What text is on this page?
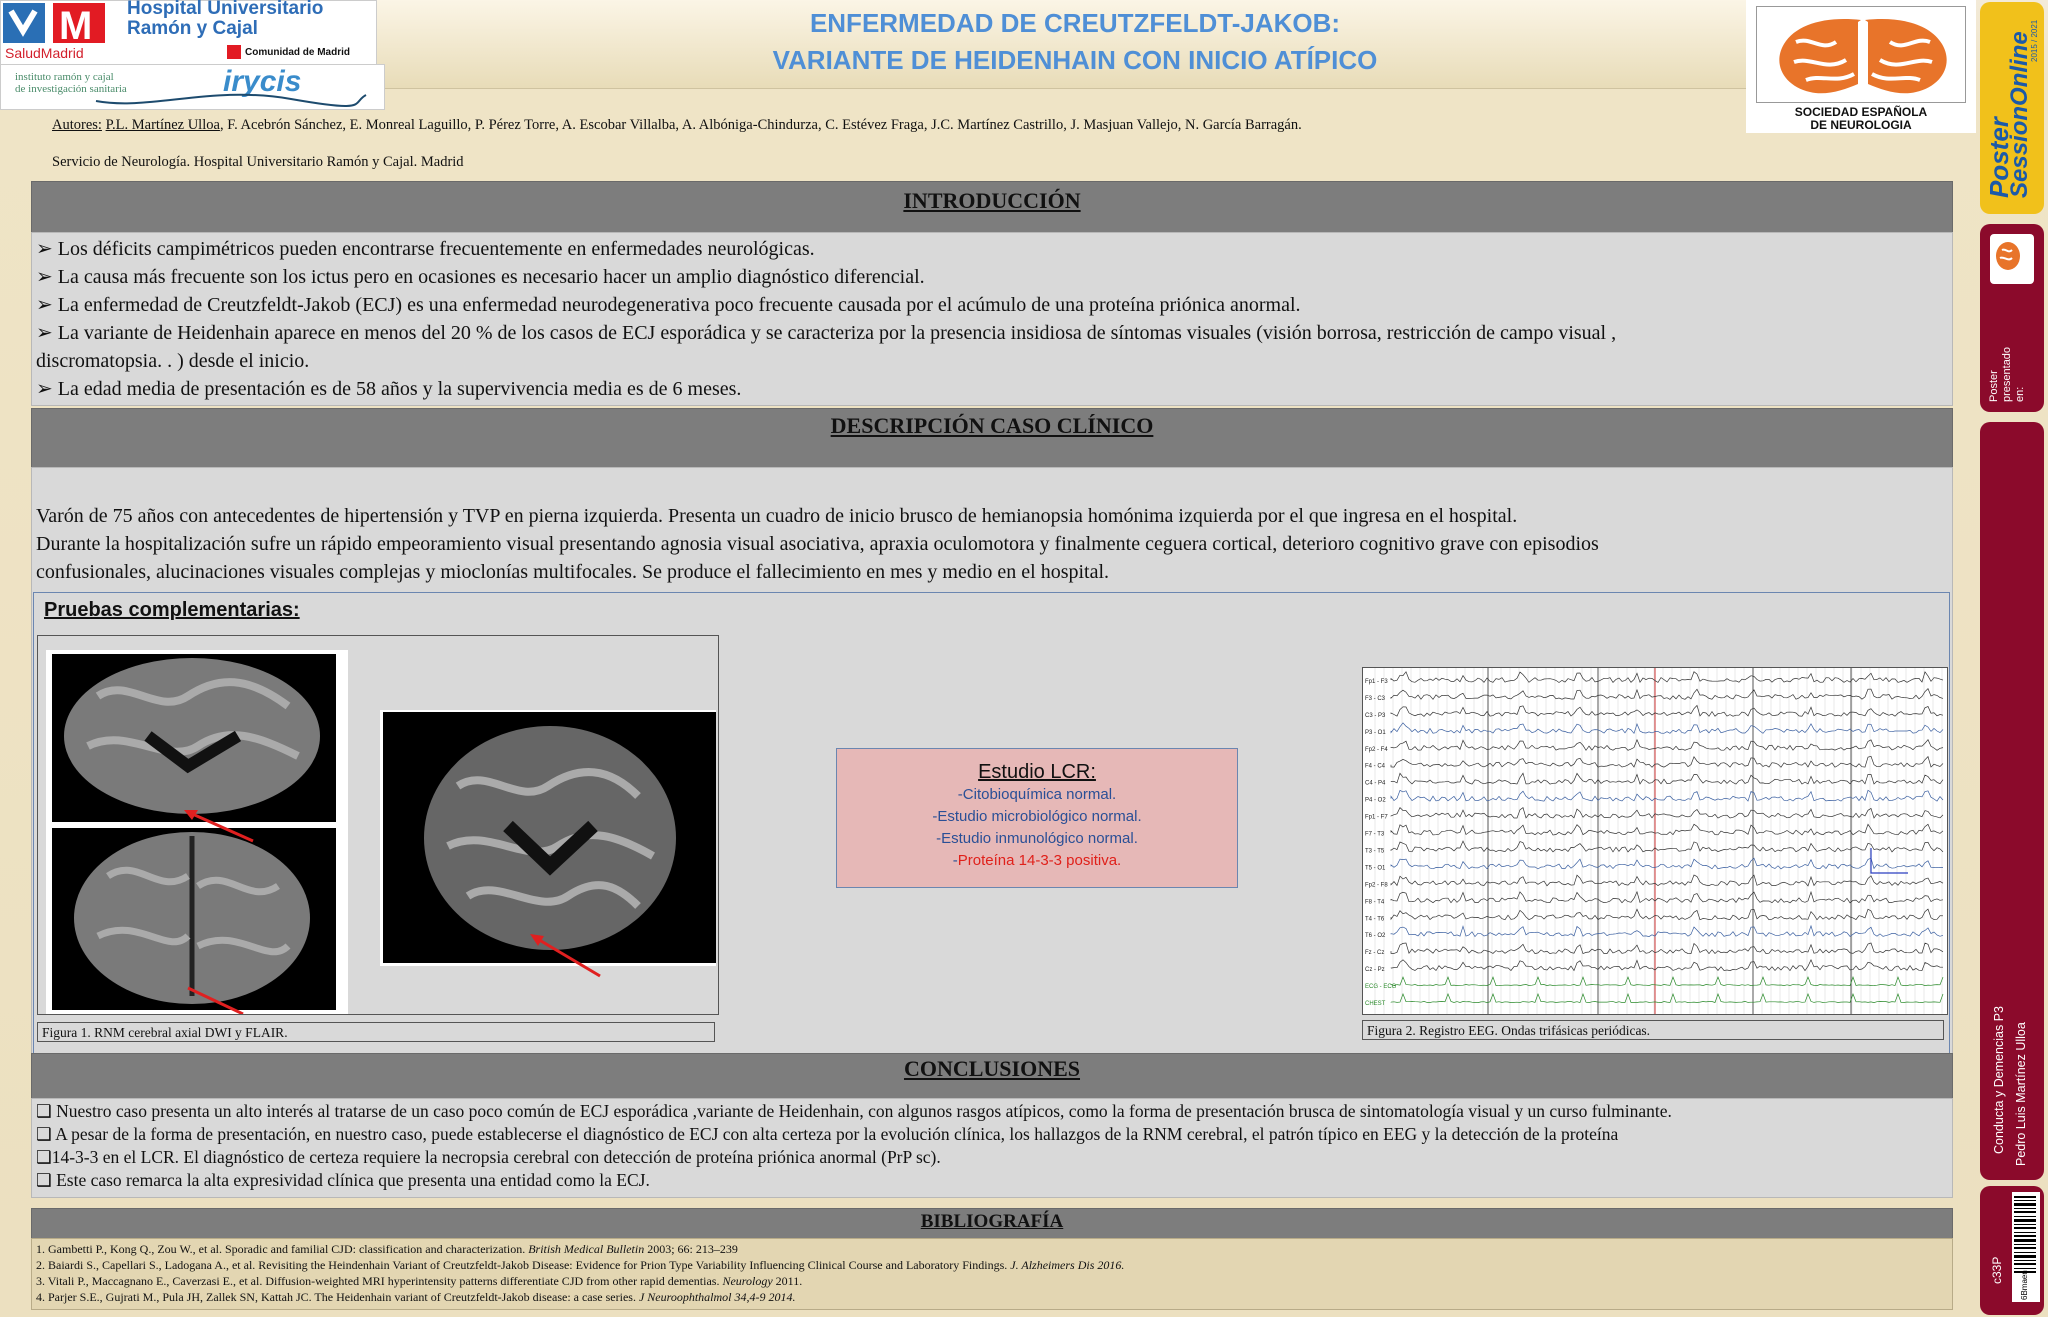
M
SaludMadrid
Hospital Universitario
Ramón y Cajal
Comunidad de Madrid
instituto ramón y cajal
de investigación sanitaria	irycis
ENFERMEDAD DE CREUTZFELDT-JAKOB:
VARIANTE DE HEIDENHAIN CON INICIO ATÍPICO
SOCIEDAD ESPAÑOLA
DE NEUROLOGIA
Autores: P.L. Martínez Ulloa, F. Acebrón Sánchez, E. Monreal Laguillo, P. Pérez Torre, A. Escobar Villalba, A. Albóniga-Chindurza, C. Estévez Fraga, J.C. Martínez Castrillo, J. Masjuan Vallejo, N. García Barragán.
Servicio de Neurología. Hospital Universitario Ramón y Cajal. Madrid
INTRODUCCIÓN
➢ Los déficits campimétricos pueden encontrarse frecuentemente en enfermedades neurológicas.
➢ La causa más frecuente son los ictus pero en ocasiones es necesario hacer un amplio diagnóstico diferencial.
➢ La enfermedad de Creutzfeldt-Jakob (ECJ) es una enfermedad neurodegenerativa poco frecuente causada por el acúmulo de una proteína priónica anormal.
➢ La variante de Heidenhain aparece en menos del 20 % de los casos de ECJ esporádica y se caracteriza por la presencia insidiosa de síntomas visuales (visión borrosa, restricción de campo visual ,
discromatopsia. . ) desde el inicio.
➢ La edad media de presentación es de 58 años y la supervivencia media es de 6 meses.
DESCRIPCIÓN CASO CLÍNICO
Varón de 75 años con antecedentes de hipertensión y TVP en pierna izquierda. Presenta un cuadro de inicio brusco de hemianopsia homónima izquierda por el que ingresa en el hospital.
Durante la hospitalización sufre un rápido empeoramiento visual presentando agnosia visual asociativa, apraxia oculomotora y finalmente ceguera cortical, deterioro cognitivo grave con episodios
confusionales, alucinaciones visuales complejas y mioclonías multifocales. Se produce el fallecimiento en mes y medio en el hospital.
Pruebas complementarias:
Figura 1. RNM cerebral axial DWI y FLAIR.
Estudio LCR:
-Citobioquímica normal.
-Estudio microbiológico normal.
-Estudio inmunológico normal.
-Proteína 14-3-3 positiva.
Fp1 - F3
F3 - C3
C3 - P3
P3 - O1
Fp2 - F4
F4 - C4
C4 - P4
P4 - O2
Fp1 - F7
F7 - T3
T3 - T5
T5 - O1
Fp2 - F8
F8 - T4
T4 - T6
T6 - O2
Fz - Cz
Cz - Pz
ECG - ECG
CHEST
Figura 2. Registro EEG. Ondas trifásicas periódicas.
CONCLUSIONES
❑ Nuestro caso presenta un alto interés al tratarse de un caso poco común de ECJ esporádica ,variante de Heidenhain, con algunos rasgos atípicos, como la forma de presentación brusca de sintomatología visual y un curso fulminante.
❑ A pesar de la forma de presentación, en nuestro caso, puede establecerse el diagnóstico de ECJ con alta certeza por la evolución clínica, los hallazgos de la RNM cerebral, el patrón típico en EEG y la detección de la proteína
❑14-3-3 en el LCR. El diagnóstico de certeza requiere la necropsia cerebral con detección de proteína priónica anormal (PrP sc).
❑ Este caso remarca la alta expresividad clínica que presenta una entidad como la ECJ.
BIBLIOGRAFÍA
1. Gambetti P., Kong Q., Zou W., et al. Sporadic and familial CJD: classification and characterization. British Medical Bulletin 2003; 66: 213–239
2. Baiardi S., Capellari S., Ladogana A., et al. Revisiting the Heindenhain Variant of Creutzfeldt-Jakob Disease: Evidence for Prion Type Variability Influencing Clinical Course and Laboratory Findings. J. Alzheimers Dis 2016.
3. Vitali P., Maccagnano E., Caverzasi E., et al. Diffusion-weighted MRI hyperintensity patterns differentiate CJD from other rapid dementias. Neurology 2011.
4. Parjer S.E., Gujrati M., Pula JH, Zallek SN, Kattah JC. The Heidenhain variant of Creutzfeldt-Jakob disease: a case series. J Neuroophthalmol 34,4-9 2014.
Poster
SessionOnline
2015 / 2021
Poster presentado en:
Conducta y Demencias P3 Pedro Luis Martínez Ulloa
c33P 6Bmaen
